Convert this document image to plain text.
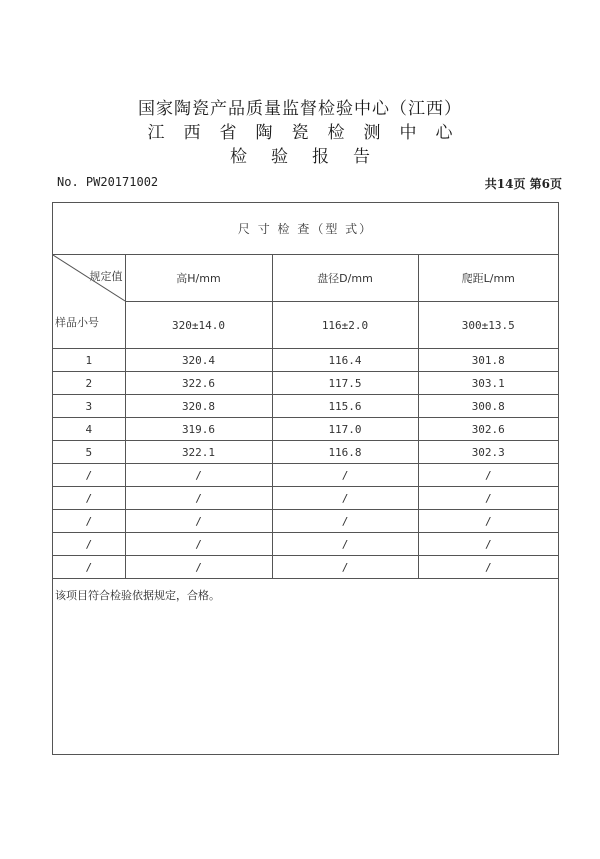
国家陶瓷产品质量监督检验中心（江西）
江西省陶瓷检测中心
检验报告
No. PW20171002	共14页 第6页
尺 寸 检 查（型 式）			

规定值
样品小号	高H/mm	盘径D/mm	爬距L/mm
	320±14.0	116±2.0	300±13.5
1	320.4	116.4	301.8
2	322.6	117.5	303.1
3	320.8	115.6	300.8
4	319.6	117.0	302.6
5	322.1	116.8	302.3
/	/	/	/
/	/	/	/
/	/	/	/
/	/	/	/
/	/	/	/
该项目符合检验依据规定，合格。
